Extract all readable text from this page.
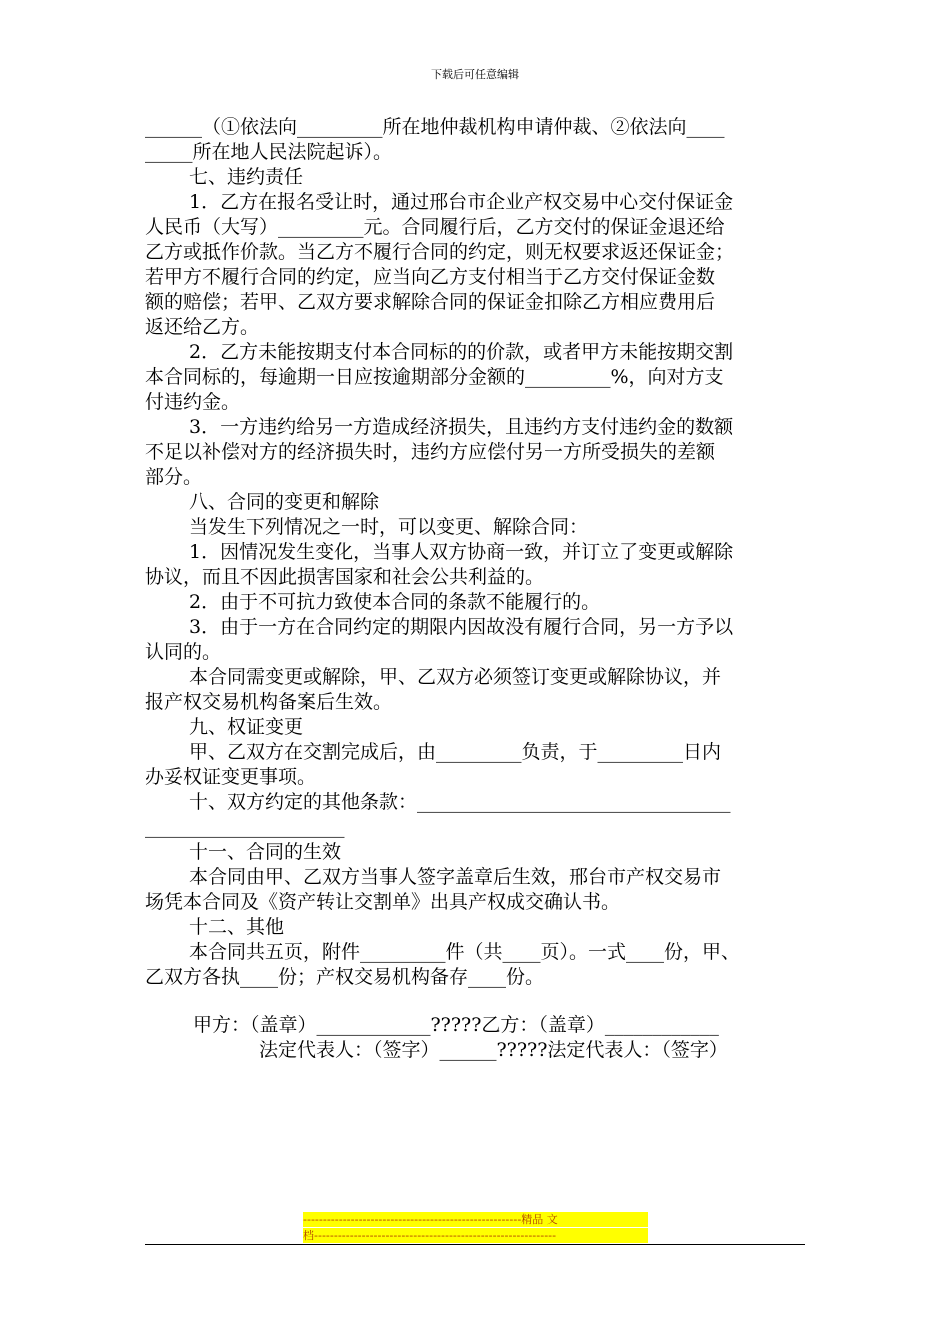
下载后可任意编辑

______（①依法向_________所在地仲裁机构申请仲裁、②依法向____

_____所在地人民法院起诉）。

七、违约责任

1．乙方在报名受让时，通过邢台市企业产权交易中心交付保证金

人民币（大写）_________元。合同履行后，乙方交付的保证金退还给

乙方或抵作价款。当乙方不履行合同的约定，则无权要求返还保证金；

若甲方不履行合同的约定，应当向乙方支付相当于乙方交付保证金数

额的赔偿；若甲、乙双方要求解除合同的保证金扣除乙方相应费用后

返还给乙方。

2．乙方未能按期支付本合同标的的价款，或者甲方未能按期交割

本合同标的，每逾期一日应按逾期部分金额的_________%，向对方支

付违约金。

3．一方违约给另一方造成经济损失，且违约方支付违约金的数额

不足以补偿对方的经济损失时，违约方应偿付另一方所受损失的差额

部分。

八、合同的变更和解除

当发生下列情况之一时，可以变更、解除合同：

1．因情况发生变化，当事人双方协商一致，并订立了变更或解除

协议，而且不因此损害国家和社会公共利益的。

2．由于不可抗力致使本合同的条款不能履行的。

3．由于一方在合同约定的期限内因故没有履行合同，另一方予以

认同的。

本合同需变更或解除，甲、乙双方必须签订变更或解除协议，并

报产权交易机构备案后生效。

九、权证变更

甲、乙双方在交割完成后，由_________负责，于_________日内

办妥权证变更事项。

十、双方约定的其他条款：_________________________________

_____________________

十一、合同的生效

本合同由甲、乙双方当事人签字盖章后生效，邢台市产权交易市

场凭本合同及《资产转让交割单》出具产权成交确认书。

十二、其他

本合同共五页，附件_________件（共____页）。一式____份，甲、

乙双方各执____份；产权交易机构备存____份。

甲方：（盖章）____________?????乙方：（盖章）____________
法定代表人：（签字）______?????法定代表人：（签字）
-------------------------------------------------------精品 文
档-------------------------------------------------------------
